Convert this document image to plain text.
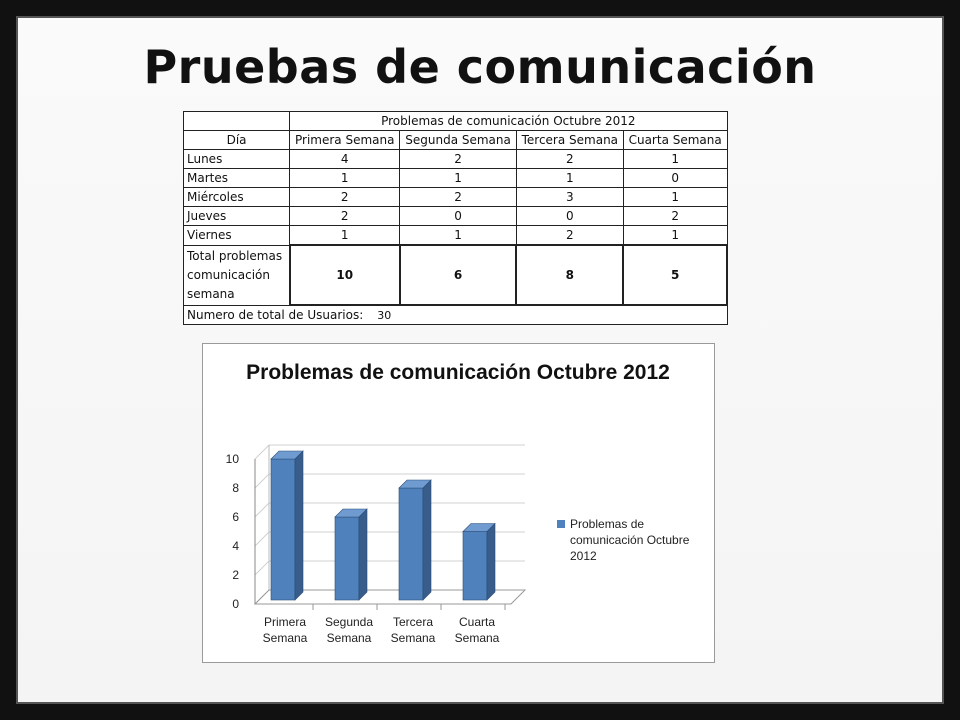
Pruebas de comunicación
	Problemas de comunicación Octubre 2012			
Día	Primera Semana	Segunda Semana	Tercera Semana	Cuarta Semana
Lunes	4	2	2	1
Martes	1	1	1	0
Miércoles	2	2	3	1
Jueves	2	0	0	2
Viernes	1	1	2	1

Total problemas
comunicación
semana	10	6	8	5
Numero de total de Usuarios: 30				
Problemas de comunicación Octubre 2012
0
2
4
6
8
10
Primera
Semana
Segunda
Semana
Tercera
Semana
Cuarta
Semana
Problemas de comunicación Octubre 2012
